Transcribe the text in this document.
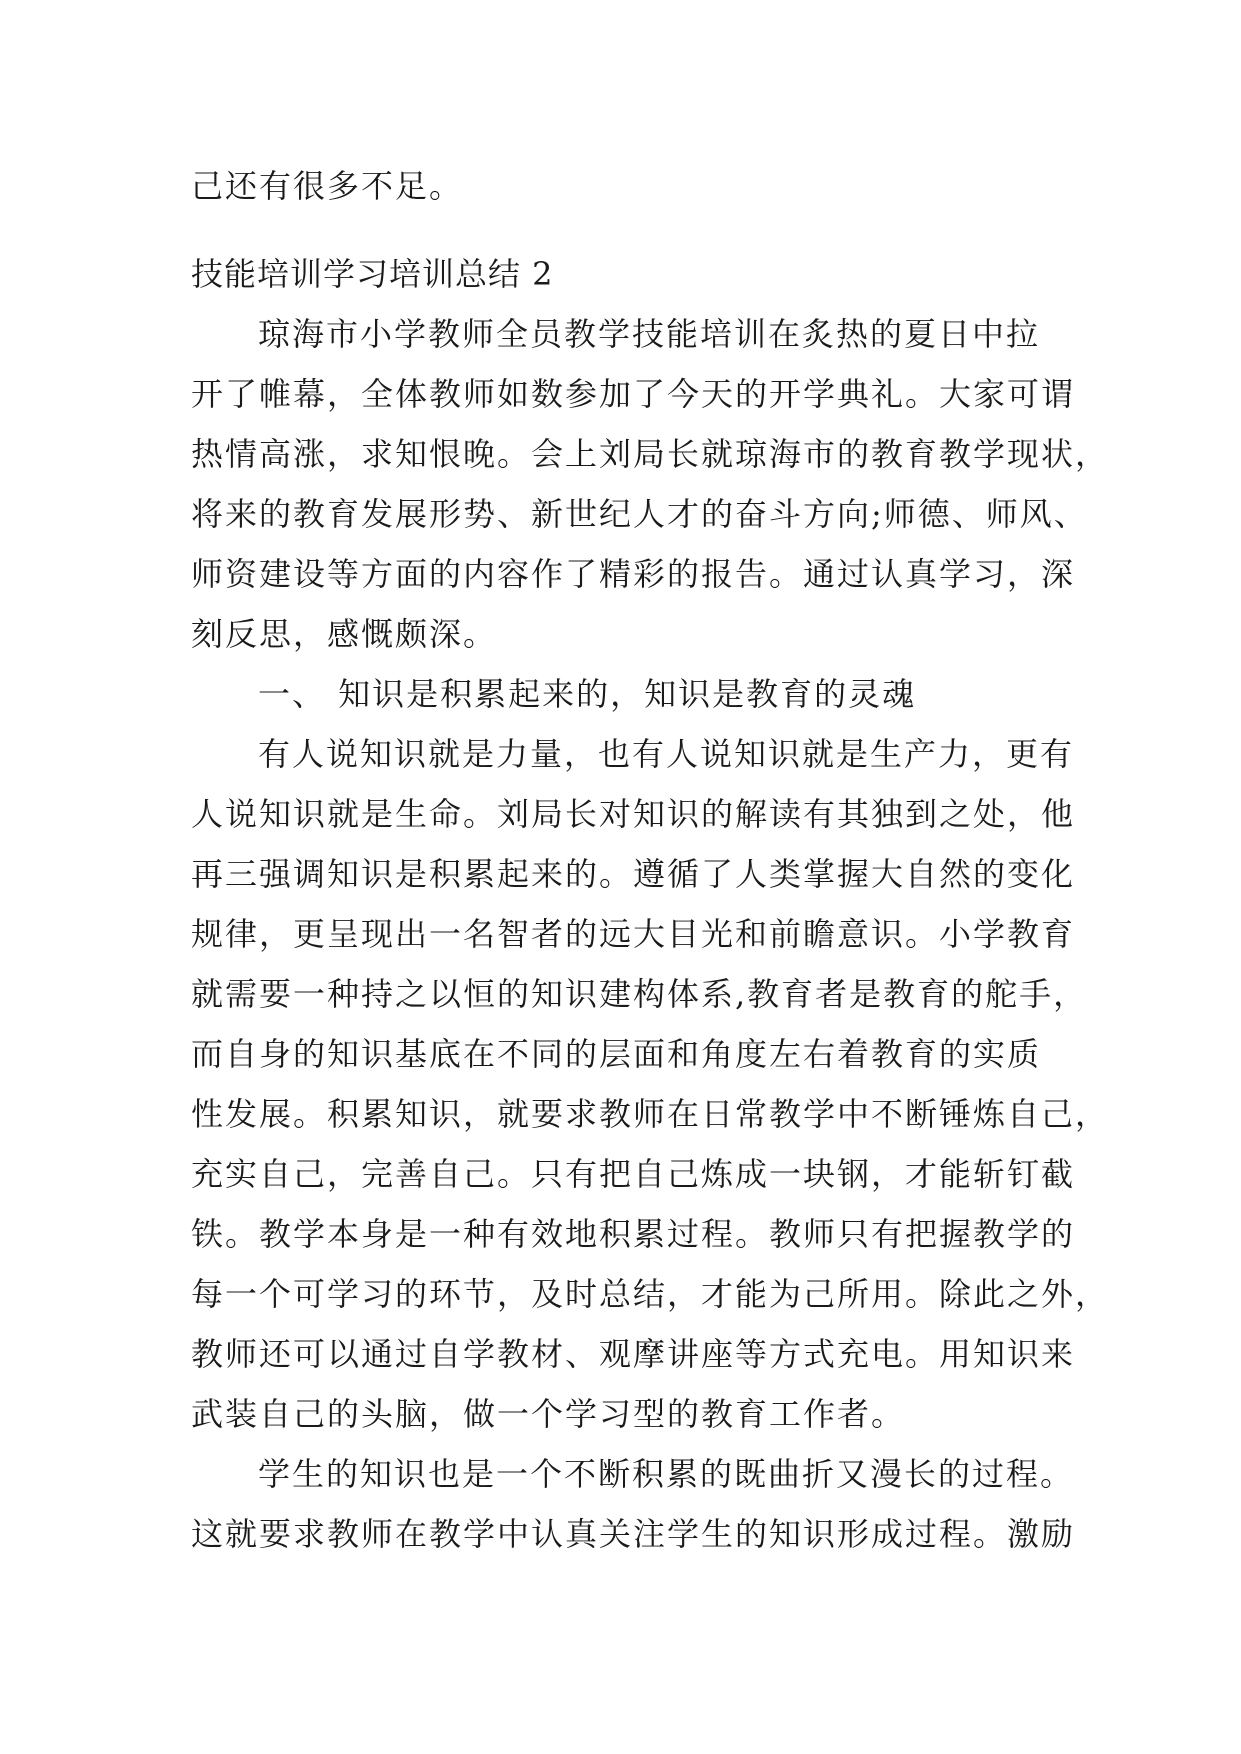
己还有很多不足。
技能培训学习培训总结 2
琼海市小学教师全员教学技能培训在炙热的夏日中拉
开了帷幕，全体教师如数参加了今天的开学典礼。大家可谓
热情高涨，求知恨晚。会上刘局长就琼海市的教育教学现状，
将来的教育发展形势、新世纪人才的奋斗方向;师德、师风、
师资建设等方面的内容作了精彩的报告。通过认真学习，深
刻反思，感慨颇深。
一、 知识是积累起来的，知识是教育的灵魂
有人说知识就是力量，也有人说知识就是生产力，更有
人说知识就是生命。刘局长对知识的解读有其独到之处，他
再三强调知识是积累起来的。遵循了人类掌握大自然的变化
规律，更呈现出一名智者的远大目光和前瞻意识。小学教育
就需要一种持之以恒的知识建构体系,教育者是教育的舵手，
而自身的知识基底在不同的层面和角度左右着教育的实质
性发展。积累知识，就要求教师在日常教学中不断锤炼自己，
充实自己，完善自己。只有把自己炼成一块钢，才能斩钉截
铁。教学本身是一种有效地积累过程。教师只有把握教学的
每一个可学习的环节，及时总结，才能为己所用。除此之外，
教师还可以通过自学教材、观摩讲座等方式充电。用知识来
武装自己的头脑，做一个学习型的教育工作者。
学生的知识也是一个不断积累的既曲折又漫长的过程。
这就要求教师在教学中认真关注学生的知识形成过程。激励
